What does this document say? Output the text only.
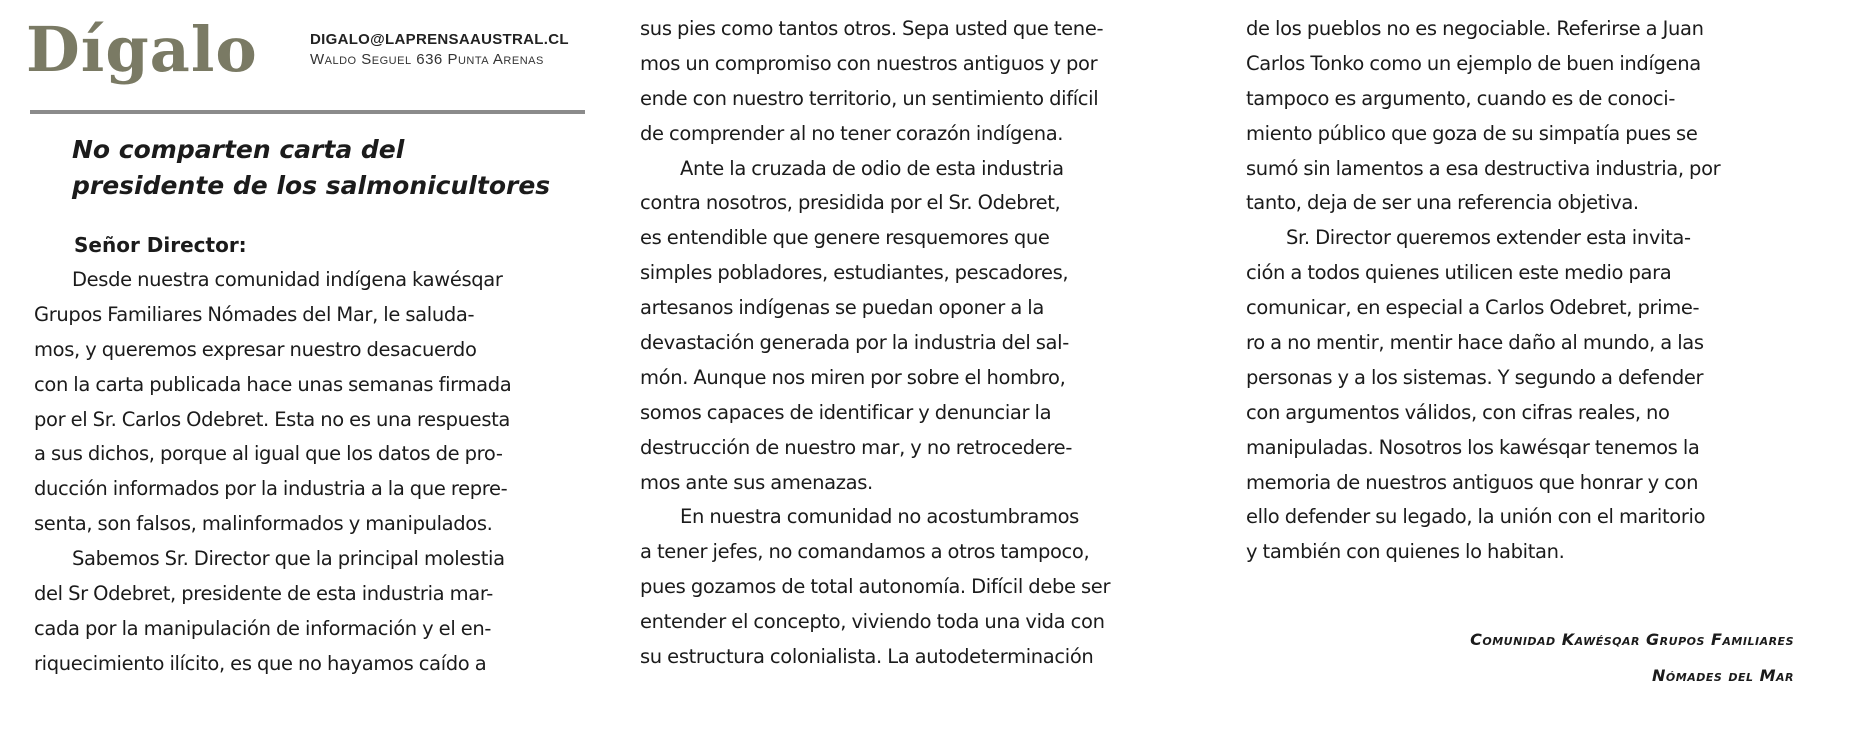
Dígalo	DIGALO@LAPRENSAAUSTRAL.CL
Waldo Seguel 636 Punta Arenas
No comparten carta del
presidente de los salmonicultores
Señor Director:
Desde nuestra comunidad indígena kawésqar
Grupos Familiares Nómades del Mar, le saluda-
mos, y queremos expresar nuestro desacuerdo
con la carta publicada hace unas semanas firmada
por el Sr. Carlos Odebret. Esta no es una respuesta
a sus dichos, porque al igual que los datos de pro-
ducción informados por la industria a la que repre-
senta, son falsos, malinformados y manipulados.
Sabemos Sr. Director que la principal molestia
del Sr Odebret, presidente de esta industria mar-
cada por la manipulación de información y el en-
riquecimiento ilícito, es que no hayamos caído a
sus pies como tantos otros. Sepa usted que tene-
mos un compromiso con nuestros antiguos y por
ende con nuestro territorio, un sentimiento difícil
de comprender al no tener corazón indígena.
Ante la cruzada de odio de esta industria
contra nosotros, presidida por el Sr. Odebret,
es entendible que genere resquemores que
simples pobladores, estudiantes, pescadores,
artesanos indígenas se puedan oponer a la
devastación generada por la industria del sal-
món. Aunque nos miren por sobre el hombro,
somos capaces de identificar y denunciar la
destrucción de nuestro mar, y no retrocedere-
mos ante sus amenazas.
En nuestra comunidad no acostumbramos
a tener jefes, no comandamos a otros tampoco,
pues gozamos de total autonomía. Difícil debe ser
entender el concepto, viviendo toda una vida con
su estructura colonialista. La autodeterminación
de los pueblos no es negociable. Referirse a Juan
Carlos Tonko como un ejemplo de buen indígena
tampoco es argumento, cuando es de conoci-
miento público que goza de su simpatía pues se
sumó sin lamentos a esa destructiva industria, por
tanto, deja de ser una referencia objetiva.
Sr. Director queremos extender esta invita-
ción a todos quienes utilicen este medio para
comunicar, en especial a Carlos Odebret, prime-
ro a no mentir, mentir hace daño al mundo, a las
personas y a los sistemas. Y segundo a defender
con argumentos válidos, con cifras reales, no
manipuladas. Nosotros los kawésqar tenemos la
memoria de nuestros antiguos que honrar y con
ello defender su legado, la unión con el maritorio
y también con quienes lo habitan.
Comunidad Kawésqar Grupos Familiares
Nómades del Mar
